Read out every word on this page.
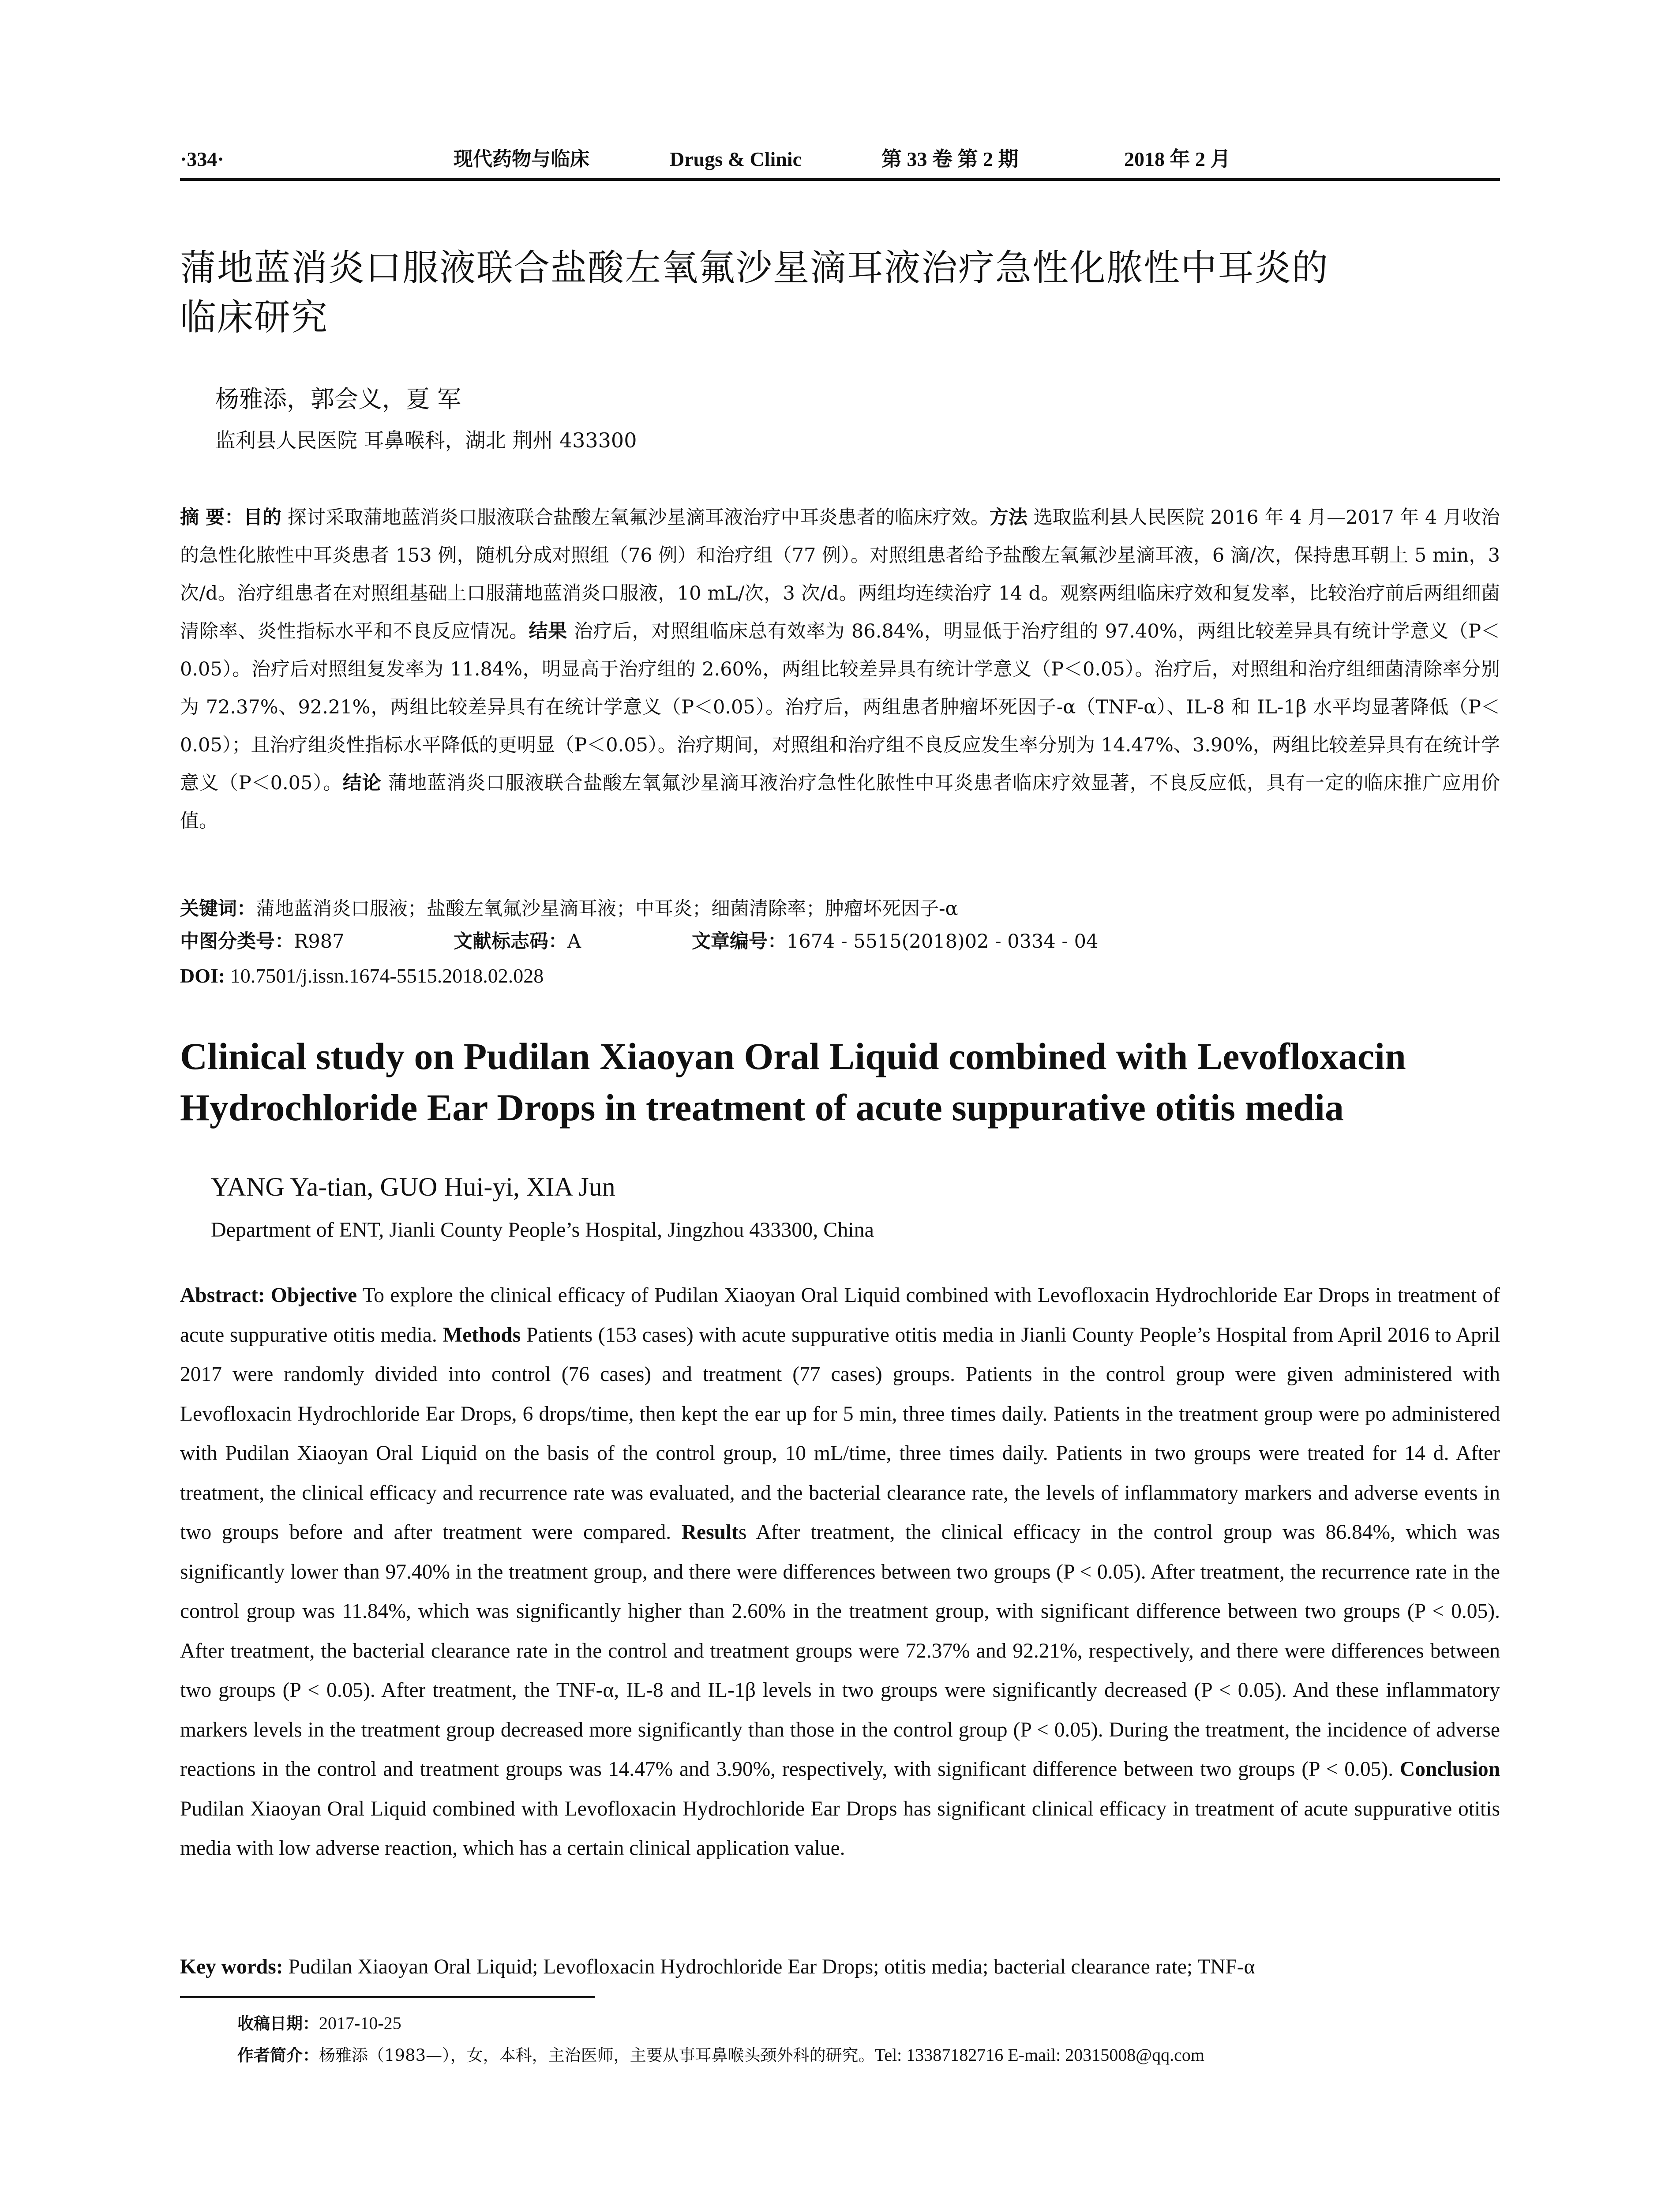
·334·	现代药物与临床	Drugs & Clinic	第 33 卷 第 2 期	2018 年 2 月
蒲地蓝消炎口服液联合盐酸左氧氟沙星滴耳液治疗急性化脓性中耳炎的
临床研究
杨雅添，郭会义，夏 军
监利县人民医院 耳鼻喉科，湖北 荆州 433300
摘 要：目的 探讨采取蒲地蓝消炎口服液联合盐酸左氧氟沙星滴耳液治疗中耳炎患者的临床疗效。方法 选取监利县人民医院 2016 年 4 月—2017 年 4 月收治的急性化脓性中耳炎患者 153 例，随机分成对照组（76 例）和治疗组（77 例）。对照组患者给予盐酸左氧氟沙星滴耳液，6 滴/次，保持患耳朝上 5 min，3 次/d。治疗组患者在对照组基础上口服蒲地蓝消炎口服液，10 mL/次，3 次/d。两组均连续治疗 14 d。观察两组临床疗效和复发率，比较治疗前后两组细菌清除率、炎性指标水平和不良反应情况。结果 治疗后，对照组临床总有效率为 86.84%，明显低于治疗组的 97.40%，两组比较差异具有统计学意义（P＜0.05）。治疗后对照组复发率为 11.84%，明显高于治疗组的 2.60%，两组比较差异具有统计学意义（P＜0.05）。治疗后，对照组和治疗组细菌清除率分别为 72.37%、92.21%，两组比较差异具有在统计学意义（P＜0.05）。治疗后，两组患者肿瘤坏死因子-α（TNF-α）、IL-8 和 IL-1β 水平均显著降低（P＜0.05）；且治疗组炎性指标水平降低的更明显（P＜0.05）。治疗期间，对照组和治疗组不良反应发生率分别为 14.47%、3.90%，两组比较差异具有在统计学意义（P＜0.05）。结论 蒲地蓝消炎口服液联合盐酸左氧氟沙星滴耳液治疗急性化脓性中耳炎患者临床疗效显著，不良反应低，具有一定的临床推广应用价值。
关键词：蒲地蓝消炎口服液；盐酸左氧氟沙星滴耳液；中耳炎；细菌清除率；肿瘤坏死因子-α
中图分类号：R987	文献标志码：A	文章编号：1674 - 5515(2018)02 - 0334 - 04
DOI: 10.7501/j.issn.1674-5515.2018.02.028
Clinical study on Pudilan Xiaoyan Oral Liquid combined with Levofloxacin
Hydrochloride Ear Drops in treatment of acute suppurative otitis media
YANG Ya-tian, GUO Hui-yi, XIA Jun
Department of ENT, Jianli County People’s Hospital, Jingzhou 433300, China
Abstract: Objective To explore the clinical efficacy of Pudilan Xiaoyan Oral Liquid combined with Levofloxacin Hydrochloride Ear Drops in treatment of acute suppurative otitis media. Methods Patients (153 cases) with acute suppurative otitis media in Jianli County People’s Hospital from April 2016 to April 2017 were randomly divided into control (76 cases) and treatment (77 cases) groups. Patients in the control group were given administered with Levofloxacin Hydrochloride Ear Drops, 6 drops/time, then kept the ear up for 5 min, three times daily. Patients in the treatment group were po administered with Pudilan Xiaoyan Oral Liquid on the basis of the control group, 10 mL/time, three times daily. Patients in two groups were treated for 14 d. After treatment, the clinical efficacy and recurrence rate was evaluated, and the bacterial clearance rate, the levels of inflammatory markers and adverse events in two groups before and after treatment were compared. Results After treatment, the clinical efficacy in the control group was 86.84%, which was significantly lower than 97.40% in the treatment group, and there were differences between two groups (P < 0.05). After treatment, the recurrence rate in the control group was 11.84%, which was significantly higher than 2.60% in the treatment group, with significant difference between two groups (P < 0.05). After treatment, the bacterial clearance rate in the control and treatment groups were 72.37% and 92.21%, respectively, and there were differences between two groups (P < 0.05). After treatment, the TNF-α, IL-8 and IL-1β levels in two groups were significantly decreased (P < 0.05). And these inflammatory markers levels in the treatment group decreased more significantly than those in the control group (P < 0.05). During the treatment, the incidence of adverse reactions in the control and treatment groups was 14.47% and 3.90%, respectively, with significant difference between two groups (P < 0.05). Conclusion Pudilan Xiaoyan Oral Liquid combined with Levofloxacin Hydrochloride Ear Drops has significant clinical efficacy in treatment of acute suppurative otitis media with low adverse reaction, which has a certain clinical application value.
Key words: Pudilan Xiaoyan Oral Liquid; Levofloxacin Hydrochloride Ear Drops; otitis media; bacterial clearance rate; TNF-α
收稿日期：2017-10-25
作者简介：杨雅添（1983—），女，本科，主治医师，主要从事耳鼻喉头颈外科的研究。Tel: 13387182716 E-mail: 20315008@qq.com
